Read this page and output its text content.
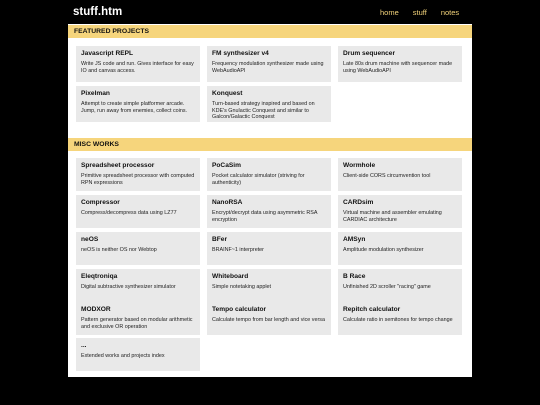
stuff.htm	home stuff notes
FEATURED PROJECTS
Javascript REPL

Write JS code and run. Gives interface for easy IO and canvas access.

FM synthesizer v4

Frequency modulation synthesizer made using WebAudioAPI

Drum sequencer

Late 80s drum machine with sequencer made using WebAudioAPI

Pixelman

Attempt to create simple platformer arcade. Jump, run away from enemies, collect coins.

Konquest

Turn-based strategy inspired and based on KDE's Gnulactic Conquest and similar to Galcon/Galactic Conquest

MISC WORKS
Spreadsheet processor

Primitive spreadsheet processor with computed RPN expressions

PoCaSim

Pocket calculator simulator (striving for authenticity)

Wormhole

Client-side CORS circumvention tool

Compressor

Compress/decompress data using LZ77

NanoRSA

Encrypt/decrypt data using asymmetric RSA encryption

CARDsim

Virtual machine and assembler emulating CARDIAC architecture

neOS

neOS is neither OS nor Webtop

BFer

BRAINF~1 interpreter

AMSyn

Amplitude modulation synthesizer

Eleqtroniqa

Digital subtractive synthesizer simulator

Whiteboard

Simple notetaking applet

B Race

Unfinished 2D scroller "racing" game

MODXOR

Pattern generator based on modular arithmetic and exclusive OR operation

Tempo calculator

Calculate tempo from bar length and vice versa

Repitch calculator

Calculate ratio in semitones for tempo change

...

Extended works and projects index
